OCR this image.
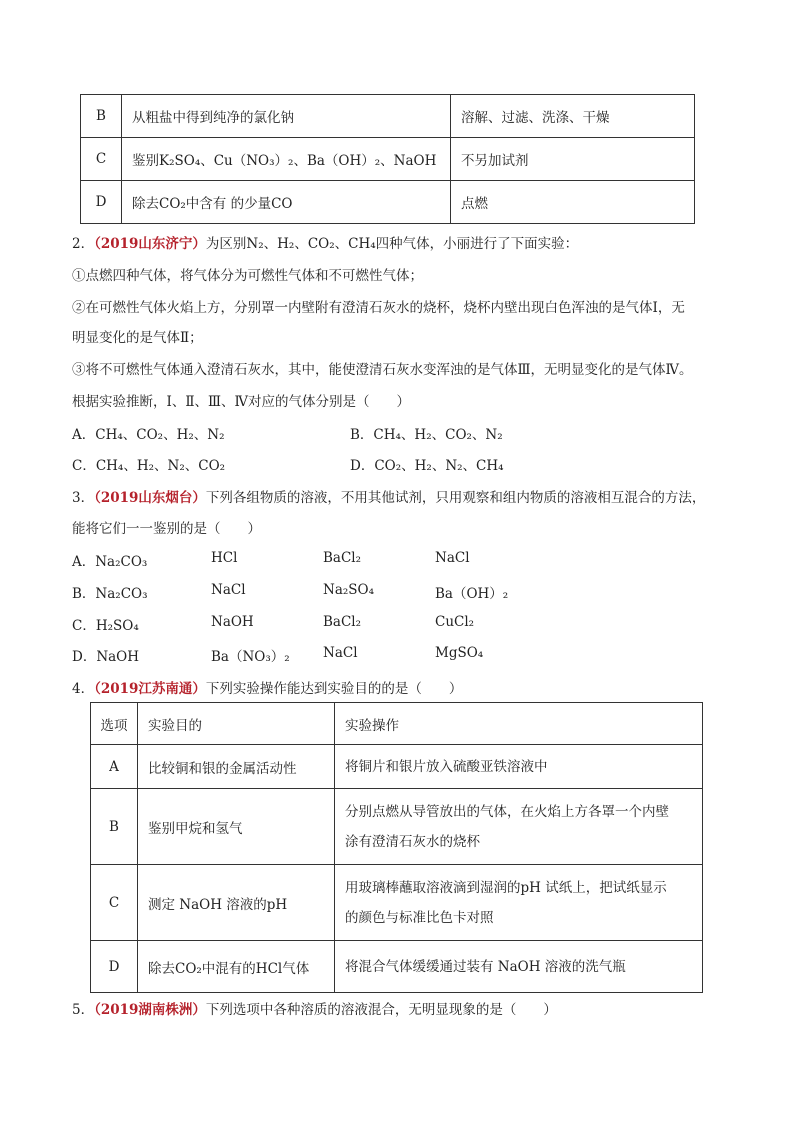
B	从粗盐中得到纯净的氯化钠	溶解、过滤、洗涤、干燥
C	鉴别K₂SO₄、Cu（NO₃）₂、Ba（OH）₂、NaOH	不另加试剂
D	除去CO₂中含有 的少量CO	点燃
2．（2019山东济宁）为区别N₂、H₂、CO₂、CH₄四种气体，小丽进行了下面实验：
①点燃四种气体，将气体分为可燃性气体和不可燃性气体；
②在可燃性气体火焰上方，分别罩一内壁附有澄清石灰水的烧杯，烧杯内壁出现白色浑浊的是气体Ⅰ，无
明显变化的是气体Ⅱ；
③将不可燃性气体通入澄清石灰水，其中，能使澄清石灰水变浑浊的是气体Ⅲ，无明显变化的是气体Ⅳ。
根据实验推断，Ⅰ、Ⅱ、Ⅲ、Ⅳ对应的气体分别是（　　）
A．CH₄、CO₂、H₂、N₂	B．CH₄、H₂、CO₂、N₂
C．CH₄、H₂、N₂、CO₂	D．CO₂、H₂、N₂、CH₄
3．（2019山东烟台）下列各组物质的溶液，不用其他试剂，只用观察和组内物质的溶液相互混合的方法，
能将它们一一鉴别的是（　　）
A．Na₂CO₃	HCl	BaCl₂	NaCl
B．Na₂CO₃	NaCl	Na₂SO₄	Ba（OH）₂
C．H₂SO₄	NaOH	BaCl₂	CuCl₂
D．NaOH	Ba（NO₃）₂ NaCl	MgSO₄
4．（2019江苏南通）下列实验操作能达到实验目的的是（　　）
选项	实验目的	实验操作
A	比较铜和银的金属活动性	将铜片和银片放入硫酸亚铁溶液中
B	鉴别甲烷和氢气	分别点燃从导管放出的气体，在火焰上方各罩一个内壁
涂有澄清石灰水的烧杯

C	测定 NaOH 溶液的pH	用玻璃棒蘸取溶液滴到湿润的pH 试纸上，把试纸显示
的颜色与标准比色卡对照

D	除去CO₂中混有的HCl气体	将混合气体缓缓通过装有 NaOH 溶液的洗气瓶
5．（2019湖南株洲）下列选项中各种溶质的溶液混合，无明显现象的是（　　）
